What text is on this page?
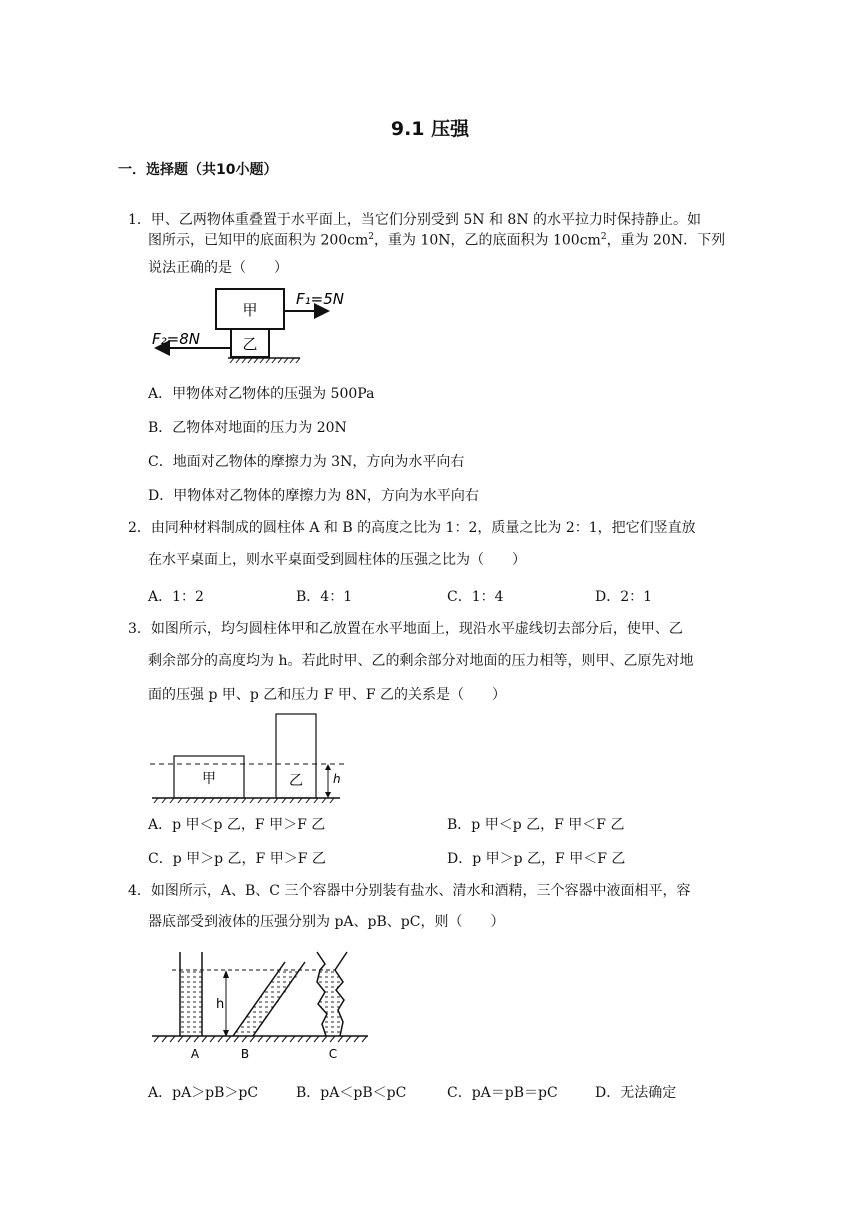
9.1 压强
一．选择题（共10小题）
1．甲、乙两物体重叠置于水平面上，当它们分别受到 5N 和 8N 的水平拉力时保持静止。如
图所示，已知甲的底面积为 $200cm^2$，重为 10N，乙的底面积为 $100cm^2$，重为 20N．下列
说法正确的是（　　）
甲
乙
F₁=5N
F₂=8N
A．甲物体对乙物体的压强为 500Pa
B．乙物体对地面的压力为 20N
C．地面对乙物体的摩擦力为 3N，方向为水平向右
D．甲物体对乙物体的摩擦力为 8N，方向为水平向右
2．由同种材料制成的圆柱体 A 和 B 的高度之比为 1：2，质量之比为 2：1，把它们竖直放
在水平桌面上，则水平桌面受到圆柱体的压强之比为（　　）
A．1：2	B．4：1	C．1：4	D．2：1
3．如图所示，均匀圆柱体甲和乙放置在水平地面上，现沿水平虚线切去部分后，使甲、乙
剩余部分的高度均为 h。若此时甲、乙的剩余部分对地面的压力相等，则甲、乙原先对地
面的压强 p 甲、p 乙和压力 F 甲、F 乙的关系是（　　）
甲	乙	h
A．p 甲＜p 乙，F 甲＞F 乙	B．p 甲＜p 乙，F 甲＜F 乙
C．p 甲＞p 乙，F 甲＞F 乙	D．p 甲＞p 乙，F 甲＜F 乙
4．如图所示，A、B、C 三个容器中分别装有盐水、清水和酒精，三个容器中液面相平，容
器底部受到液体的压强分别为 pA、pB、pC，则（　　）
h
A	B	C
A．pA＞pB＞pC	B．pA＜pB＜pC	C．pA＝pB＝pC	D．无法确定
